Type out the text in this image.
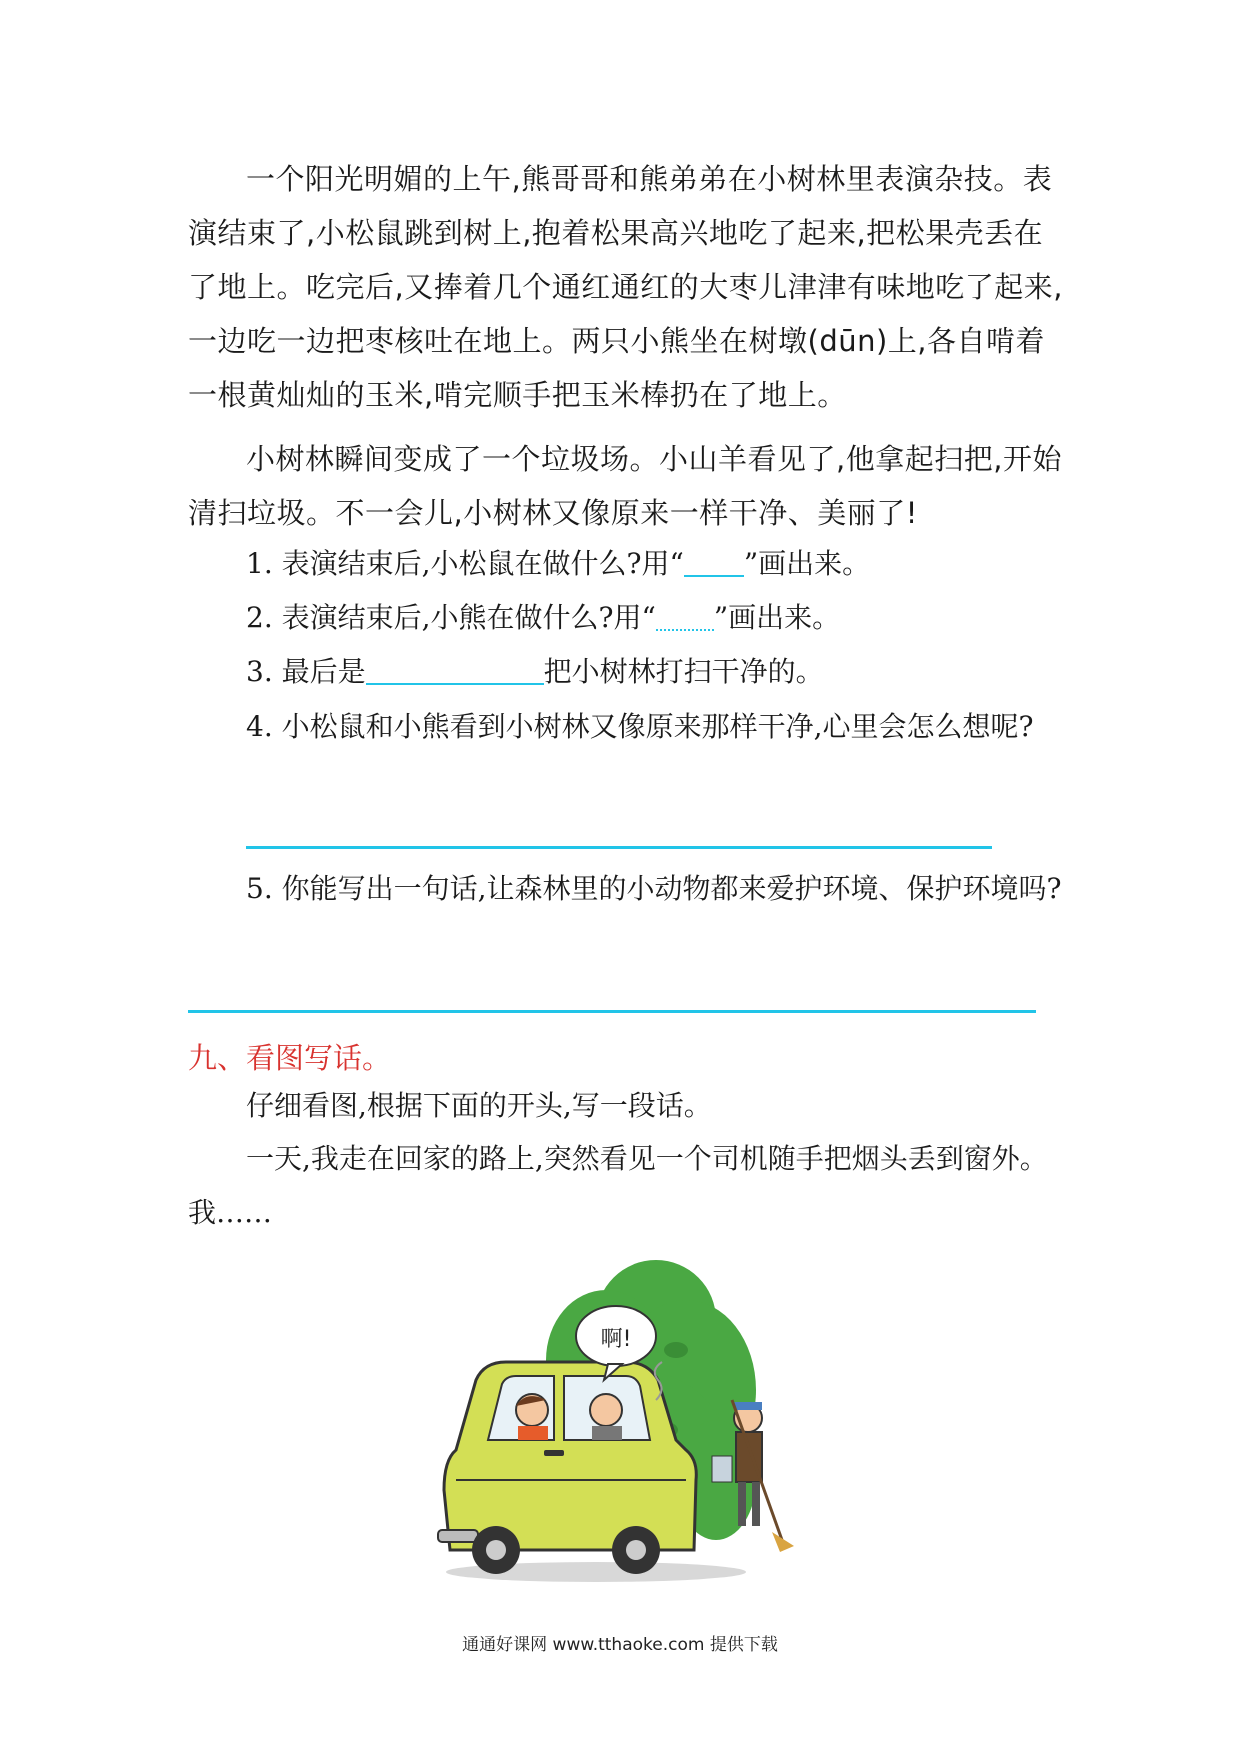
一个阳光明媚的上午,熊哥哥和熊弟弟在小树林里表演杂技。表演结束了,小松鼠跳到树上,抱着松果高兴地吃了起来,把松果壳丢在了地上。吃完后,又捧着几个通红通红的大枣儿津津有味地吃了起来,一边吃一边把枣核吐在地上。两只小熊坐在树墩(dūn)上,各自啃着一根黄灿灿的玉米,啃完顺手把玉米棒扔在了地上。

小树林瞬间变成了一个垃圾场。小山羊看见了,他拿起扫把,开始清扫垃圾。不一会儿,小树林又像原来一样干净、美丽了!

1. 表演结束后,小松鼠在做什么?用“ ”画出来。
2. 表演结束后,小熊在做什么?用“ ”画出来。
3. 最后是	把小树林打扫干净的。

4. 小松鼠和小熊看到小树林又像原来那样干净,心里会怎么想呢?

5. 你能写出一句话,让森林里的小动物都来爱护环境、保护环境吗?

九、看图写话。
仔细看图,根据下面的开头,写一段话。

一天,我走在回家的路上,突然看见一个司机随手把烟头丢到窗外。我……

啊!
通通好课网 www.tthaoke.com 提供下载
